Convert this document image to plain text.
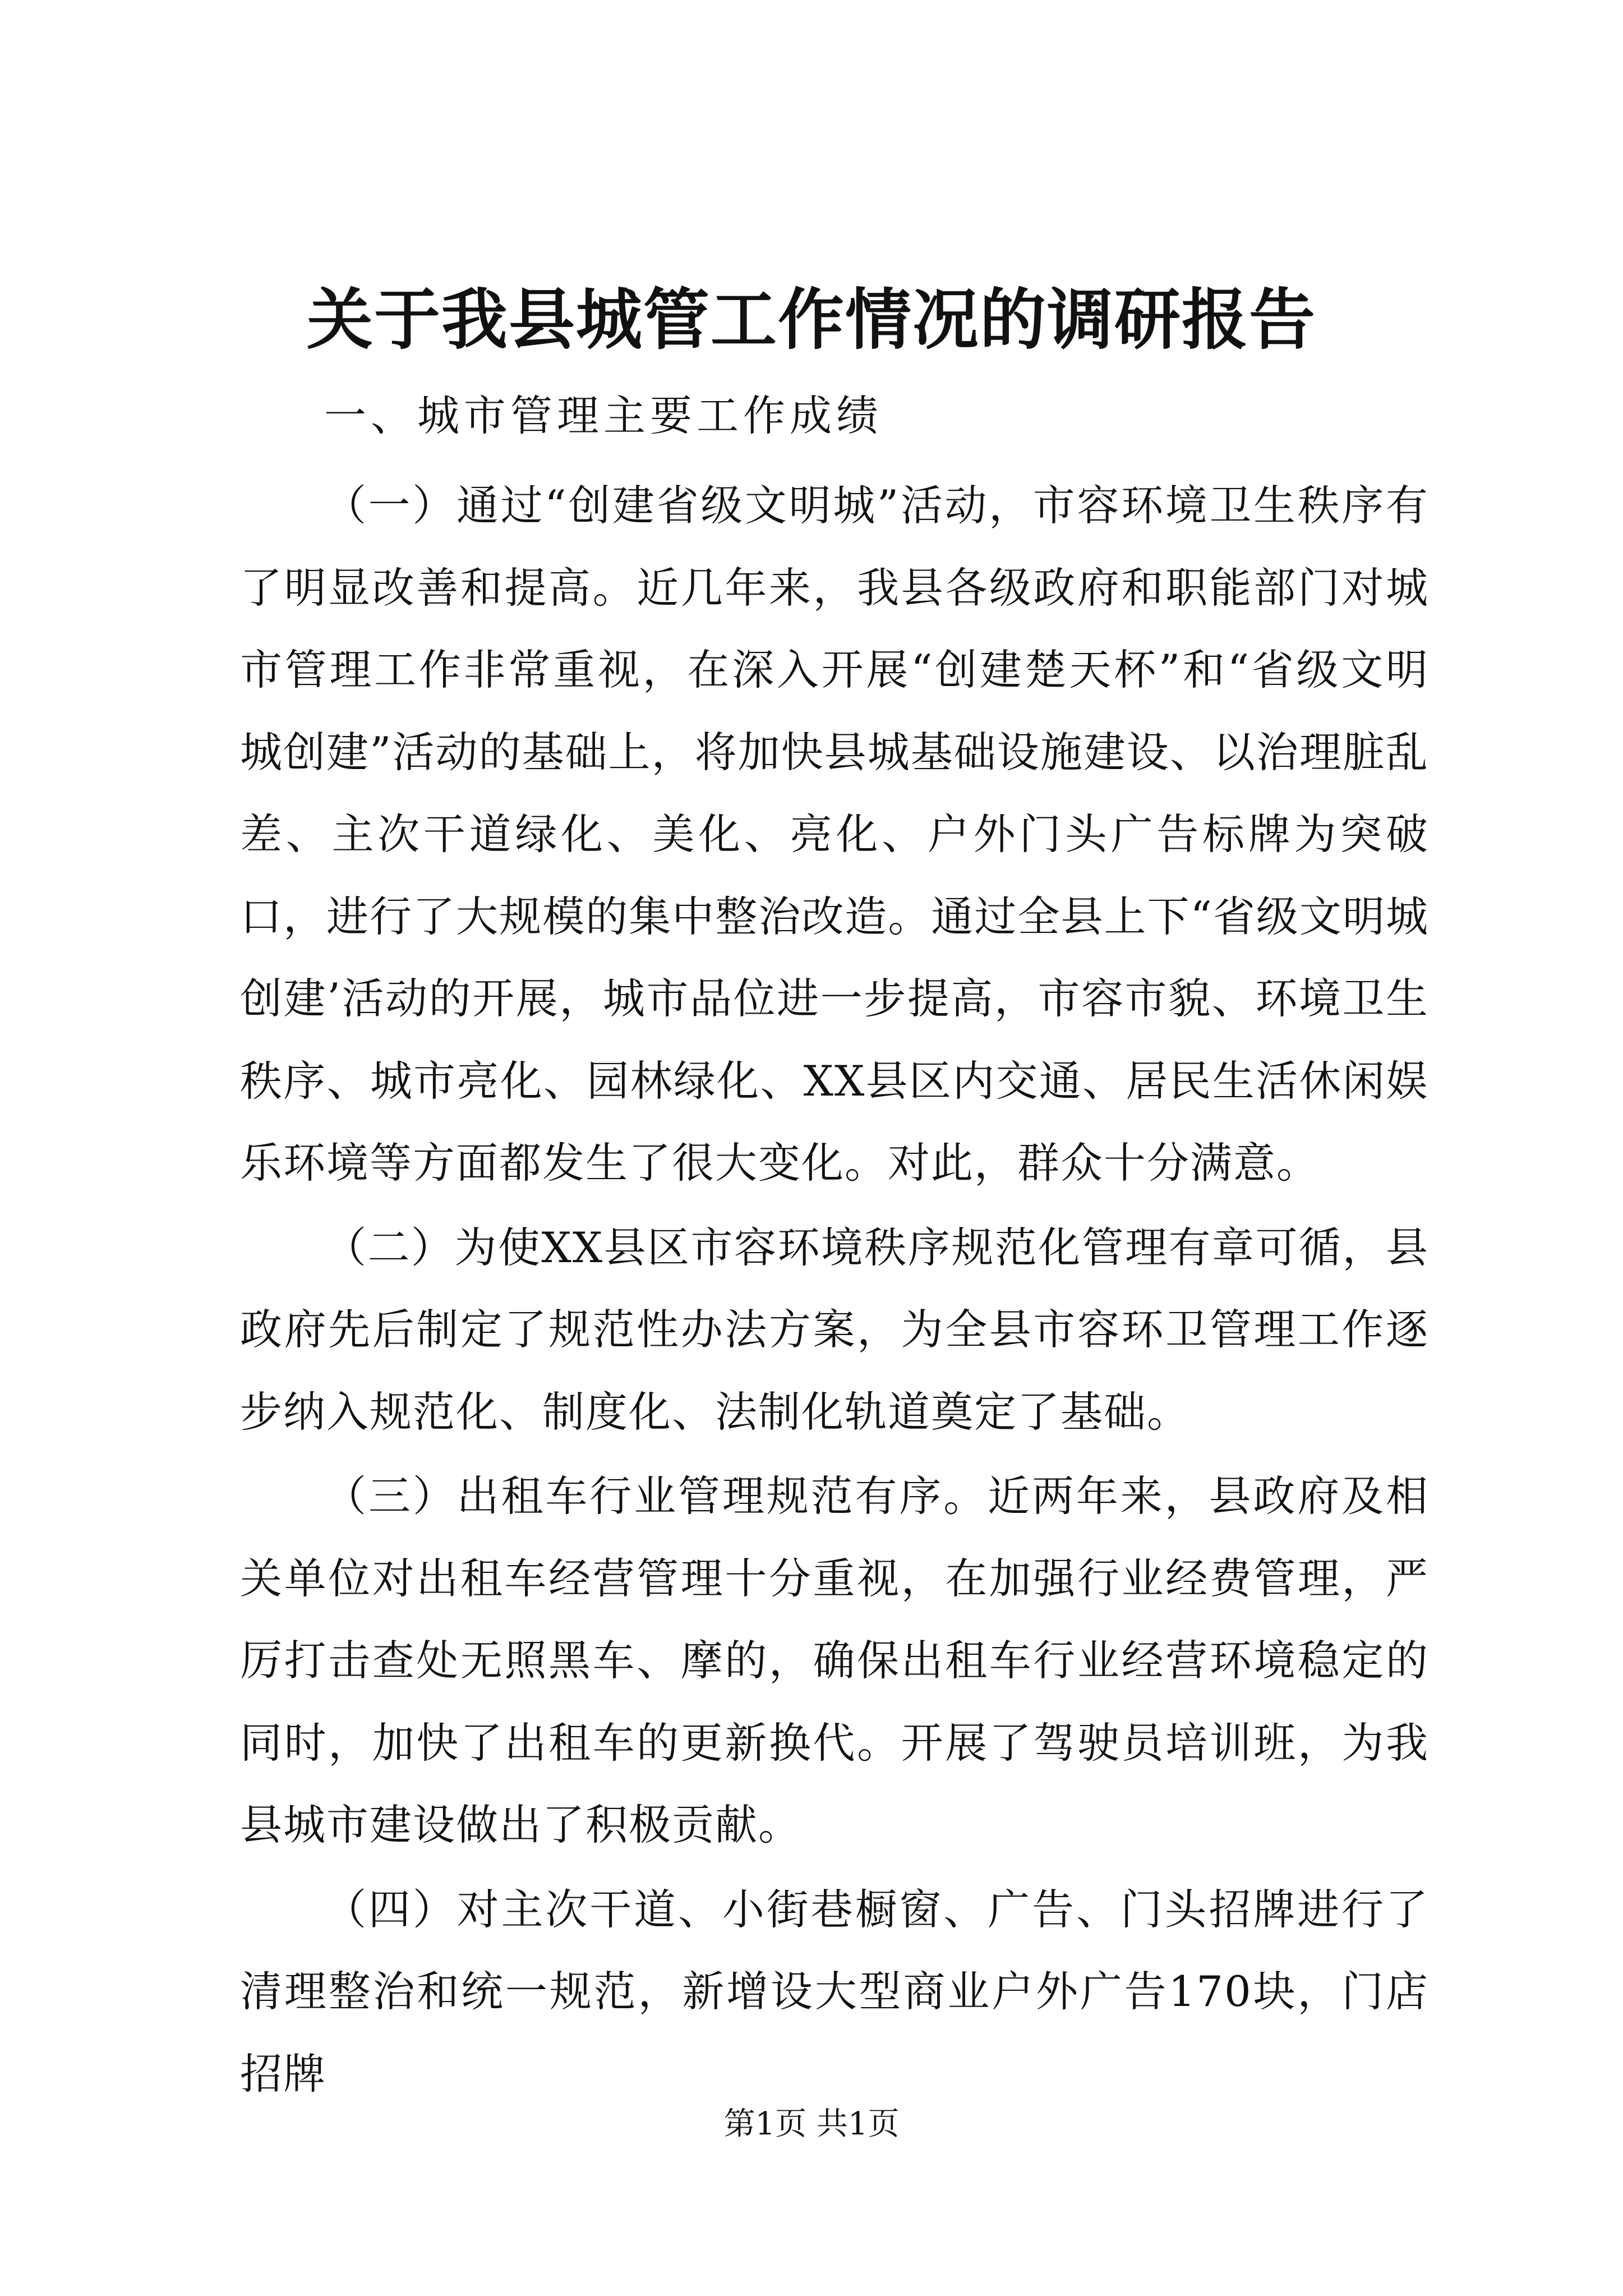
关于我县城管工作情况的调研报告

一、城市管理主要工作成绩

（一）通过“创建省级文明城”活动，市容环境卫生秩序有了明显改善和提高。近几年来，我县各级政府和职能部门对城市管理工作非常重视，在深入开展“创建楚天杯”和“省级文明城创建”活动的基础上，将加快县城基础设施建设、以治理脏乱差、主次干道绿化、美化、亮化、户外门头广告标牌为突破口，进行了大规模的集中整治改造。通过全县上下“省级文明城创建’活动的开展，城市品位进一步提高，市容市貌、环境卫生秩序、城市亮化、园林绿化、XX县区内交通、居民生活休闲娱乐环境等方面都发生了很大变化。对此，群众十分满意。

（二）为使XX县区市容环境秩序规范化管理有章可循，县政府先后制定了规范性办法方案，为全县市容环卫管理工作逐步纳入规范化、制度化、法制化轨道奠定了基础。

（三）出租车行业管理规范有序。近两年来，县政府及相关单位对出租车经营管理十分重视，在加强行业经费管理，严厉打击查处无照黑车、摩的，确保出租车行业经营环境稳定的同时，加快了出租车的更新换代。开展了驾驶员培训班，为我县城市建设做出了积极贡献。

（四）对主次干道、小街巷橱窗、广告、门头招牌进行了清理整治和统一规范，新增设大型商业户外广告170块，门店招牌

第1页 共1页
